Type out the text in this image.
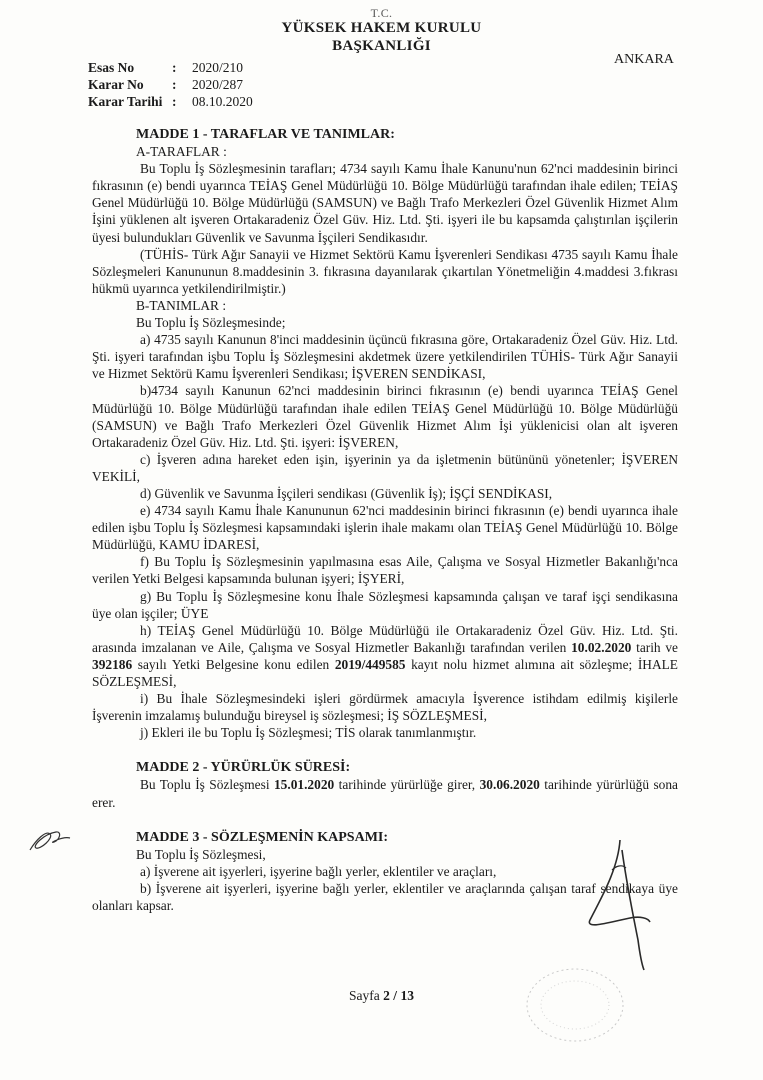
T.C.
YÜKSEK HAKEM KURULU
BAŞKANLIĞI
Esas No	:	2020/210
Karar No	:	2020/287
Karar Tarihi :	08.10.2020
ANKARA

MADDE 1 - TARAFLAR VE TANIMLAR:

A-TARAFLAR :

Bu Toplu İş Sözleşmesinin tarafları; 4734 sayılı Kamu İhale Kanunu'nun 62'nci maddesinin birinci fıkrasının (e) bendi uyarınca TEİAŞ Genel Müdürlüğü 10. Bölge Müdürlüğü tarafından ihale edilen; TEİAŞ Genel Müdürlüğü 10. Bölge Müdürlüğü (SAMSUN) ve Bağlı Trafo Merkezleri Özel Güvenlik Hizmet Alım İşini yüklenen alt işveren Ortakaradeniz Özel Güv. Hiz. Ltd. Şti. işyeri ile bu kapsamda çalıştırılan işçilerin üyesi bulundukları Güvenlik ve Savunma İşçileri Sendikasıdır.

(TÜHİS- Türk Ağır Sanayii ve Hizmet Sektörü Kamu İşverenleri Sendikası 4735 sayılı Kamu İhale Sözleşmeleri Kanununun 8.maddesinin 3. fıkrasına dayanılarak çıkartılan Yönetmeliğin 4.maddesi 3.fıkrası hükmü uyarınca yetkilendirilmiştir.)

B-TANIMLAR :

Bu Toplu İş Sözleşmesinde;

a) 4735 sayılı Kanunun 8'inci maddesinin üçüncü fıkrasına göre, Ortakaradeniz Özel Güv. Hiz. Ltd. Şti. işyeri tarafından işbu Toplu İş Sözleşmesini akdetmek üzere yetkilendirilen TÜHİS- Türk Ağır Sanayii ve Hizmet Sektörü Kamu İşverenleri Sendikası; İŞVEREN SENDİKASI,

b)4734 sayılı Kanunun 62'nci maddesinin birinci fıkrasının (e) bendi uyarınca TEİAŞ Genel Müdürlüğü 10. Bölge Müdürlüğü tarafından ihale edilen TEİAŞ Genel Müdürlüğü 10. Bölge Müdürlüğü (SAMSUN) ve Bağlı Trafo Merkezleri Özel Güvenlik Hizmet Alım İşi yüklenicisi olan alt işveren Ortakaradeniz Özel Güv. Hiz. Ltd. Şti. işyeri: İŞVEREN,

c) İşveren adına hareket eden işin, işyerinin ya da işletmenin bütününü yönetenler; İŞVEREN VEKİLİ,

d) Güvenlik ve Savunma İşçileri sendikası (Güvenlik İş); İŞÇİ SENDİKASI,

e) 4734 sayılı Kamu İhale Kanununun 62'nci maddesinin birinci fıkrasının (e) bendi uyarınca ihale edilen işbu Toplu İş Sözleşmesi kapsamındaki işlerin ihale makamı olan TEİAŞ Genel Müdürlüğü 10. Bölge Müdürlüğü, KAMU İDARESİ,

f) Bu Toplu İş Sözleşmesinin yapılmasına esas Aile, Çalışma ve Sosyal Hizmetler Bakanlığı'nca verilen Yetki Belgesi kapsamında bulunan işyeri; İŞYERİ,

g) Bu Toplu İş Sözleşmesine konu İhale Sözleşmesi kapsamında çalışan ve taraf işçi sendikasına üye olan işçiler; ÜYE

h) TEİAŞ Genel Müdürlüğü 10. Bölge Müdürlüğü ile Ortakaradeniz Özel Güv. Hiz. Ltd. Şti. arasında imzalanan ve Aile, Çalışma ve Sosyal Hizmetler Bakanlığı tarafından verilen 10.02.2020 tarih ve 392186 sayılı Yetki Belgesine konu edilen 2019/449585 kayıt nolu hizmet alımına ait sözleşme; İHALE SÖZLEŞMESİ,

i) Bu İhale Sözleşmesindeki işleri gördürmek amacıyla İşverence istihdam edilmiş kişilerle İşverenin imzalamış bulunduğu bireysel iş sözleşmesi; İŞ SÖZLEŞMESİ,

j) Ekleri ile bu Toplu İş Sözleşmesi; TİS olarak tanımlanmıştır.

MADDE 2 - YÜRÜRLÜK SÜRESİ:

Bu Toplu İş Sözleşmesi 15.01.2020 tarihinde yürürlüğe girer, 30.06.2020 tarihinde yürürlüğü sona erer.

MADDE 3 - SÖZLEŞMENİN KAPSAMI:

Bu Toplu İş Sözleşmesi,

a) İşverene ait işyerleri, işyerine bağlı yerler, eklentiler ve araçları,

b) İşverene ait işyerleri, işyerine bağlı yerler, eklentiler ve araçlarında çalışan taraf sendikaya üye olanları kapsar.

Sayfa 2 / 13
